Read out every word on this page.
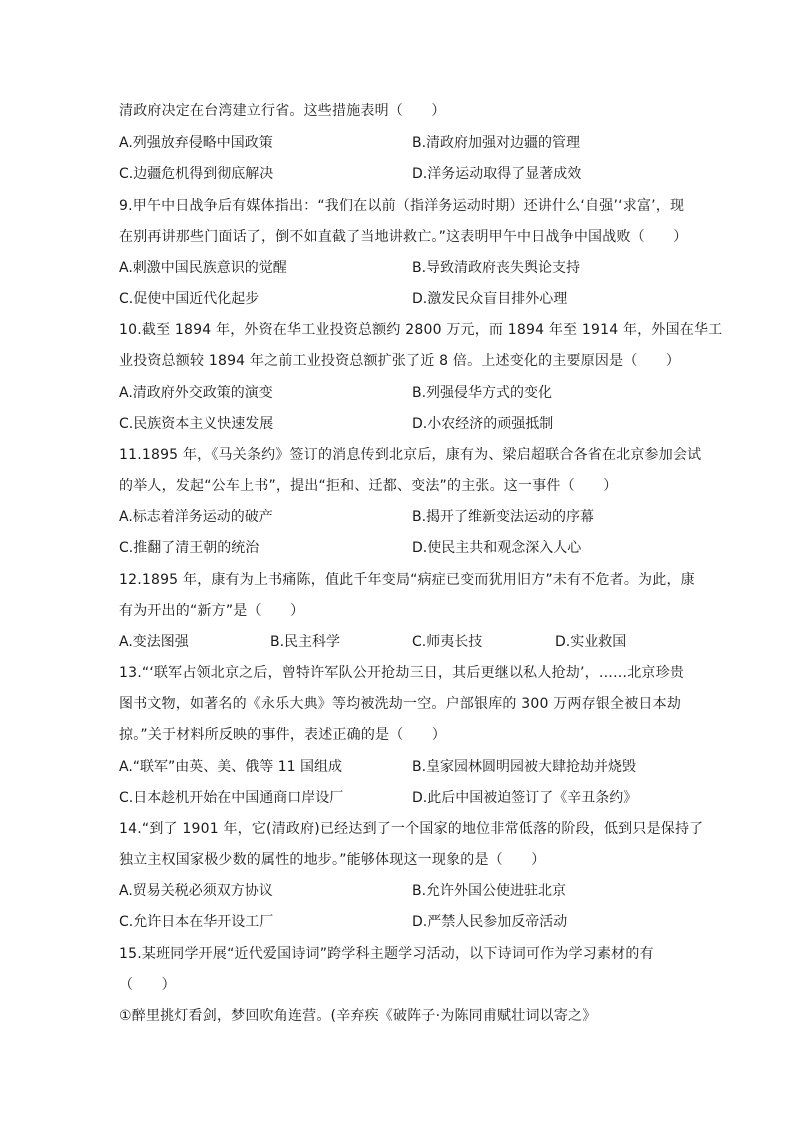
清政府决定在台湾建立行省。这些措施表明（　　）
A.列强放弃侵略中国政策	B.清政府加强对边疆的管理
C.边疆危机得到彻底解决	D.洋务运动取得了显著成效
9.甲午中日战争后有媒体指出：“我们在以前（指洋务运动时期）还讲什么‘自强’‘求富’，现
在别再讲那些门面话了，倒不如直截了当地讲救亡。”这表明甲午中日战争中国战败（　　）
A.刺激中国民族意识的觉醒	B.导致清政府丧失舆论支持
C.促使中国近代化起步	D.激发民众盲目排外心理
10.截至 1894 年，外资在华工业投资总额约 2800 万元，而 1894 年至 1914 年，外国在华工
业投资总额较 1894 年之前工业投资总额扩张了近 8 倍。上述变化的主要原因是（　　）
A.清政府外交政策的演变	B.列强侵华方式的变化
C.民族资本主义快速发展	D.小农经济的顽强抵制
11.1895 年，《马关条约》签订的消息传到北京后，康有为、梁启超联合各省在北京参加会试
的举人，发起“公车上书”，提出“拒和、迁都、变法”的主张。这一事件（　　）
A.标志着洋务运动的破产	B.揭开了维新变法运动的序幕
C.推翻了清王朝的统治	D.使民主共和观念深入人心
12.1895 年，康有为上书痛陈，值此千年变局“病症已变而犹用旧方”未有不危者。为此，康
有为开出的“新方”是（　　）
A.变法图强	B.民主科学	C.师夷长技	D.实业救国
13.“‘联军占领北京之后，曾特许军队公开抢劫三日，其后更继以私人抢劫’，……北京珍贵
图书文物，如著名的《永乐大典》等均被洗劫一空。户部银库的 300 万两存银全被日本劫
掠。”关于材料所反映的事件，表述正确的是（　　）
A.“联军”由英、美、俄等 11 国组成	B.皇家园林圆明园被大肆抢劫并烧毁
C.日本趁机开始在中国通商口岸设厂	D.此后中国被迫签订了《辛丑条约》
14.“到了 1901 年，它(清政府)已经达到了一个国家的地位非常低落的阶段，低到只是保持了
独立主权国家极少数的属性的地步。”能够体现这一现象的是（　　）
A.贸易关税必须双方协议	B.允许外国公使进驻北京
C.允许日本在华开设工厂	D.严禁人民参加反帝活动
15.某班同学开展“近代爱国诗词”跨学科主题学习活动，以下诗词可作为学习素材的有
（　　）
①醉里挑灯看剑，梦回吹角连营。(辛弃疾《破阵子·为陈同甫赋壮词以寄之》
